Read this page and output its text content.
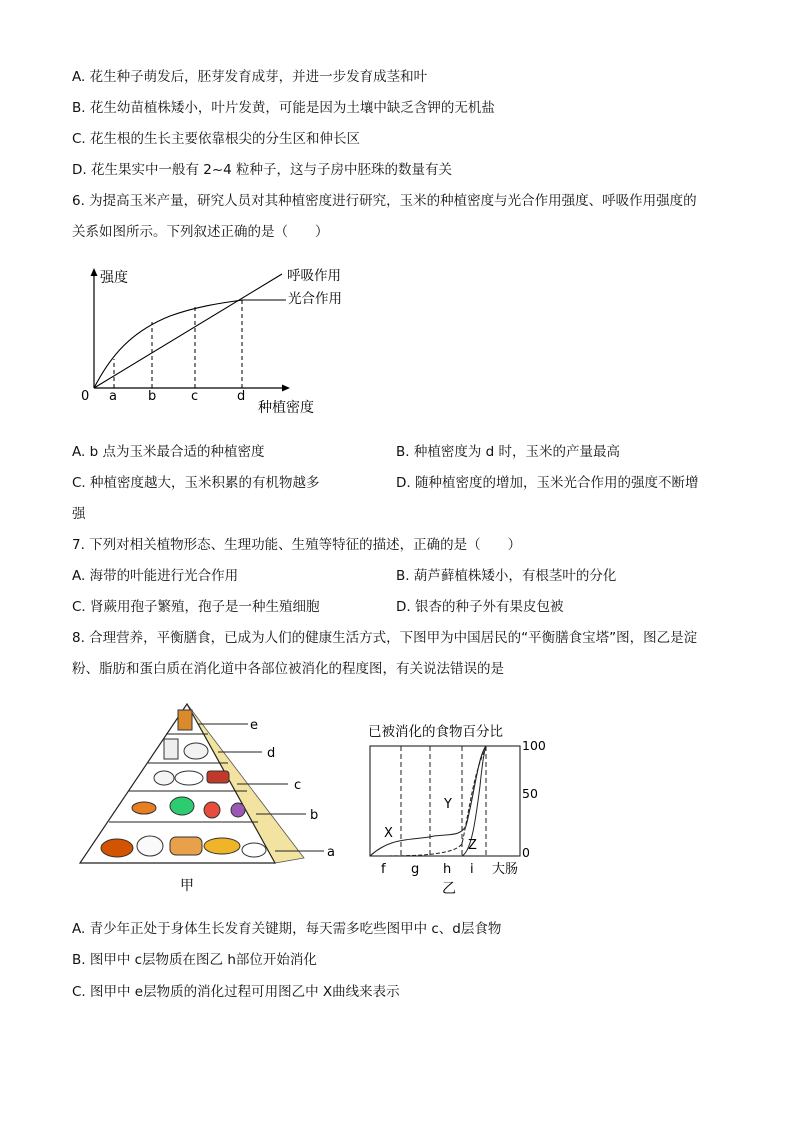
A. 花生种子萌发后，胚芽发育成芽，并进一步发育成茎和叶
B. 花生幼苗植株矮小，叶片发黄，可能是因为土壤中缺乏含钾的无机盐
C. 花生根的生长主要依靠根尖的分生区和伸长区
D. 花生果实中一般有 2~4 粒种子，这与子房中胚珠的数量有关
6. 为提高玉米产量，研究人员对其种植密度进行研究，玉米的种植密度与光合作用强度、呼吸作用强度的
关系如图所示。下列叙述正确的是（　　）
强度
种植密度
0 a b	c	d
呼吸作用
光合作用
A. b 点为玉米最合适的种植密度	B. 种植密度为 d 时，玉米的产量最高
C. 种植密度越大，玉米积累的有机物越多	D. 随种植密度的增加，玉米光合作用的强度不断增
强
7. 下列对相关植物形态、生理功能、生殖等特征的描述，正确的是（　　）
A. 海带的叶能进行光合作用	B. 葫芦藓植株矮小，有根茎叶的分化
C. 肾蕨用孢子繁殖，孢子是一种生殖细胞	D. 银杏的种子外有果皮包被
8. 合理营养，平衡膳食，已成为人们的健康生活方式，下图甲为中国居民的“平衡膳食宝塔”图，图乙是淀
粉、脂肪和蛋白质在消化道中各部位被消化的程度图，有关说法错误的是
e
d
c
b
a
甲
已被消化的食物百分比
X
Y
Z
100
50
0
f g h i 大肠
乙
A. 青少年正处于身体生长发育关键期，每天需多吃些图甲中 c、d层食物
B. 图甲中 c层物质在图乙 h部位开始消化
C. 图甲中 e层物质的消化过程可用图乙中 X曲线来表示
